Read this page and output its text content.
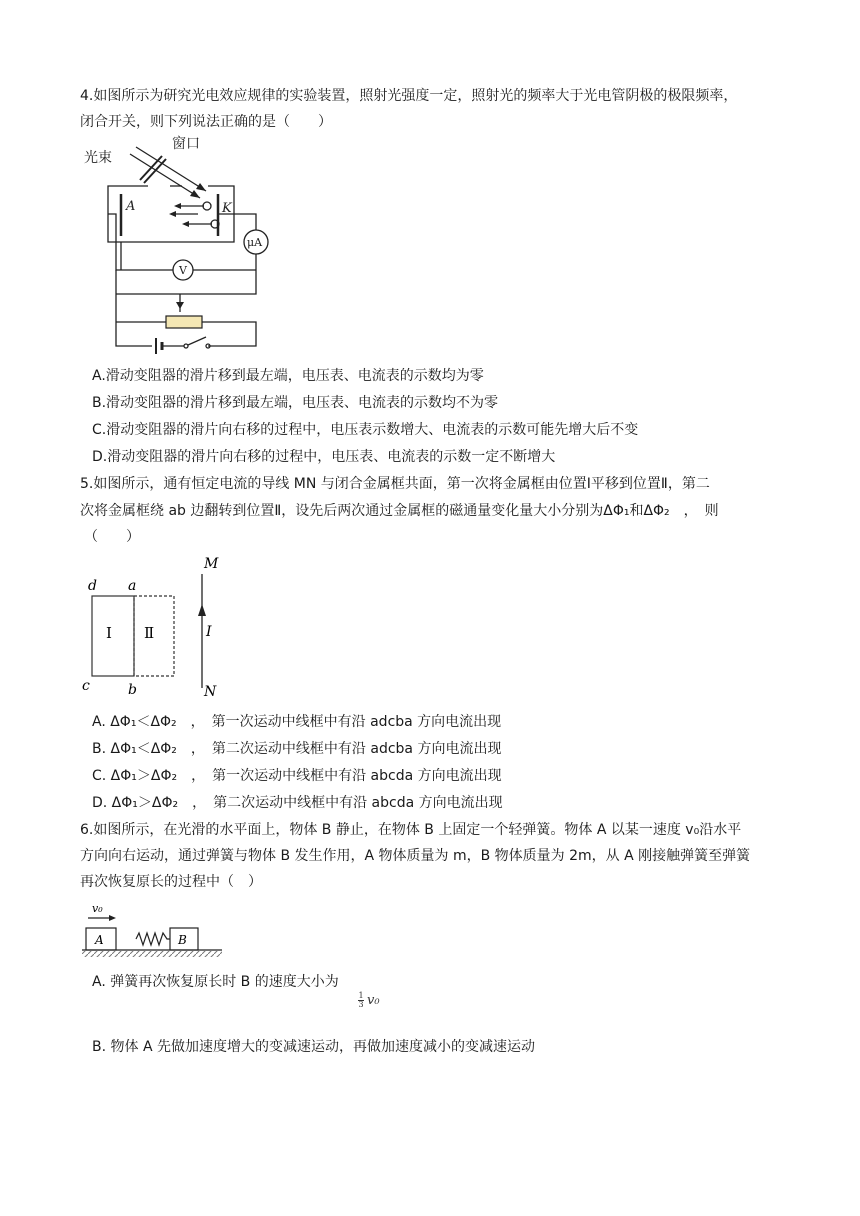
4.如图所示为研究光电效应规律的实验装置，照射光强度一定，照射光的频率大于光电管阴极的极限频率，
闭合开关，则下列说法正确的是（　　）
光束
窗口
A	K
μA
V
A.滑动变阻器的滑片移到最左端，电压表、电流表的示数均为零
B.滑动变阻器的滑片移到最左端，电压表、电流表的示数均不为零
C.滑动变阻器的滑片向右移的过程中，电压表示数增大、电流表的示数可能先增大后不变
D.滑动变阻器的滑片向右移的过程中，电压表、电流表的示数一定不断增大
5.如图所示，通有恒定电流的导线 MN 与闭合金属框共面，第一次将金属框由位置Ⅰ平移到位置Ⅱ，第二
次将金属框绕 ab 边翻转到位置Ⅱ，设先后两次通过金属框的磁通量变化量大小分别为ΔΦ₁和ΔΦ₂　，　则
（　　）
d a
c	b
Ⅰ Ⅱ
M
I
N
A. ΔΦ₁＜ΔΦ₂　，　第一次运动中线框中有沿 adcba 方向电流出现
B. ΔΦ₁＜ΔΦ₂　，　第二次运动中线框中有沿 adcba 方向电流出现
C. ΔΦ₁＞ΔΦ₂　，　第一次运动中线框中有沿 abcda 方向电流出现
D. ΔΦ₁＞ΔΦ₂　，　第二次运动中线框中有沿 abcda 方向电流出现
6.如图所示，在光滑的水平面上，物体 B 静止，在物体 B 上固定一个轻弹簧。物体 A 以某一速度 v₀沿水平
方向向右运动，通过弹簧与物体 B 发生作用，A 物体质量为 m，B 物体质量为 2m，从 A 刚接触弹簧至弹簧
再次恢复原长的过程中（　）
v₀
A	B
A. 弹簧再次恢复原长时 B 的速度大小为
1
3 v₀
B. 物体 A 先做加速度增大的变减速运动，再做加速度减小的变减速运动
